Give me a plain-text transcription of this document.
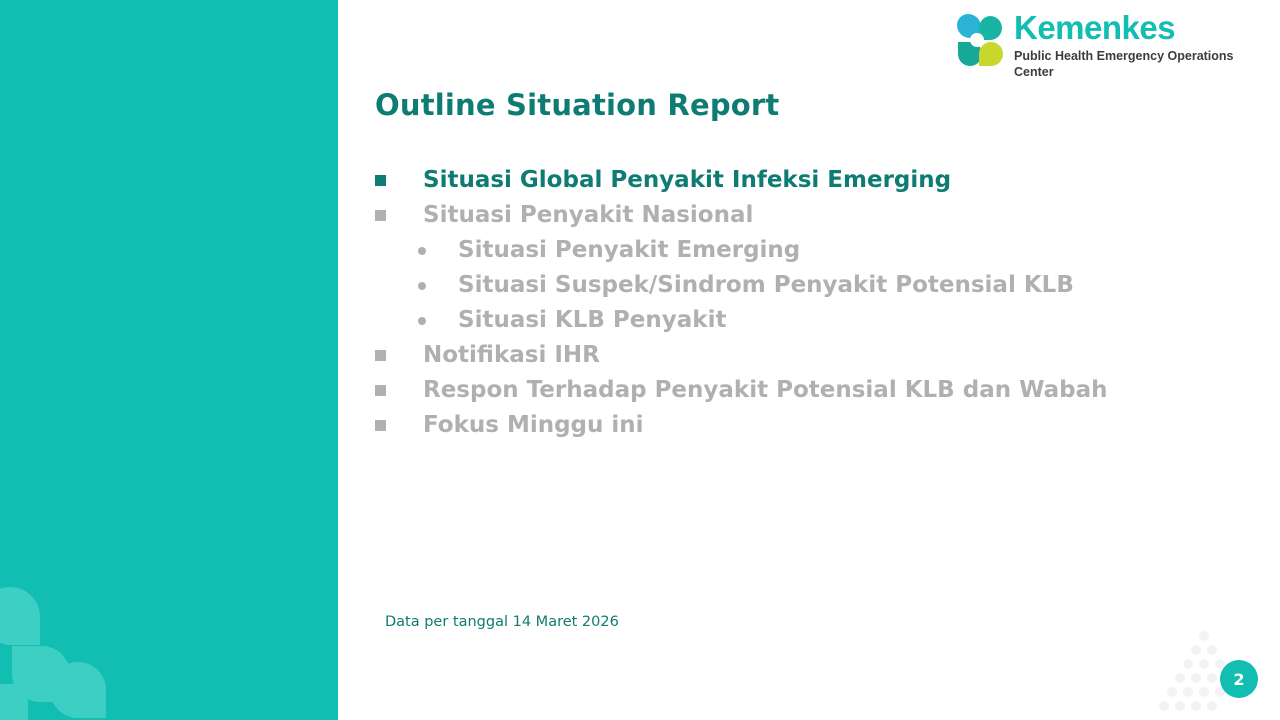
Kemenkes
Public Health Emergency Operations Center
Outline Situation Report
Situasi Global Penyakit Infeksi Emerging
Situasi Penyakit Nasional
Situasi Penyakit Emerging
Situasi Suspek/Sindrom Penyakit Potensial KLB
Situasi KLB Penyakit
Notifikasi IHR
Respon Terhadap Penyakit Potensial KLB dan Wabah
Fokus Minggu ini
Data per tanggal 14 Maret 2026
2
